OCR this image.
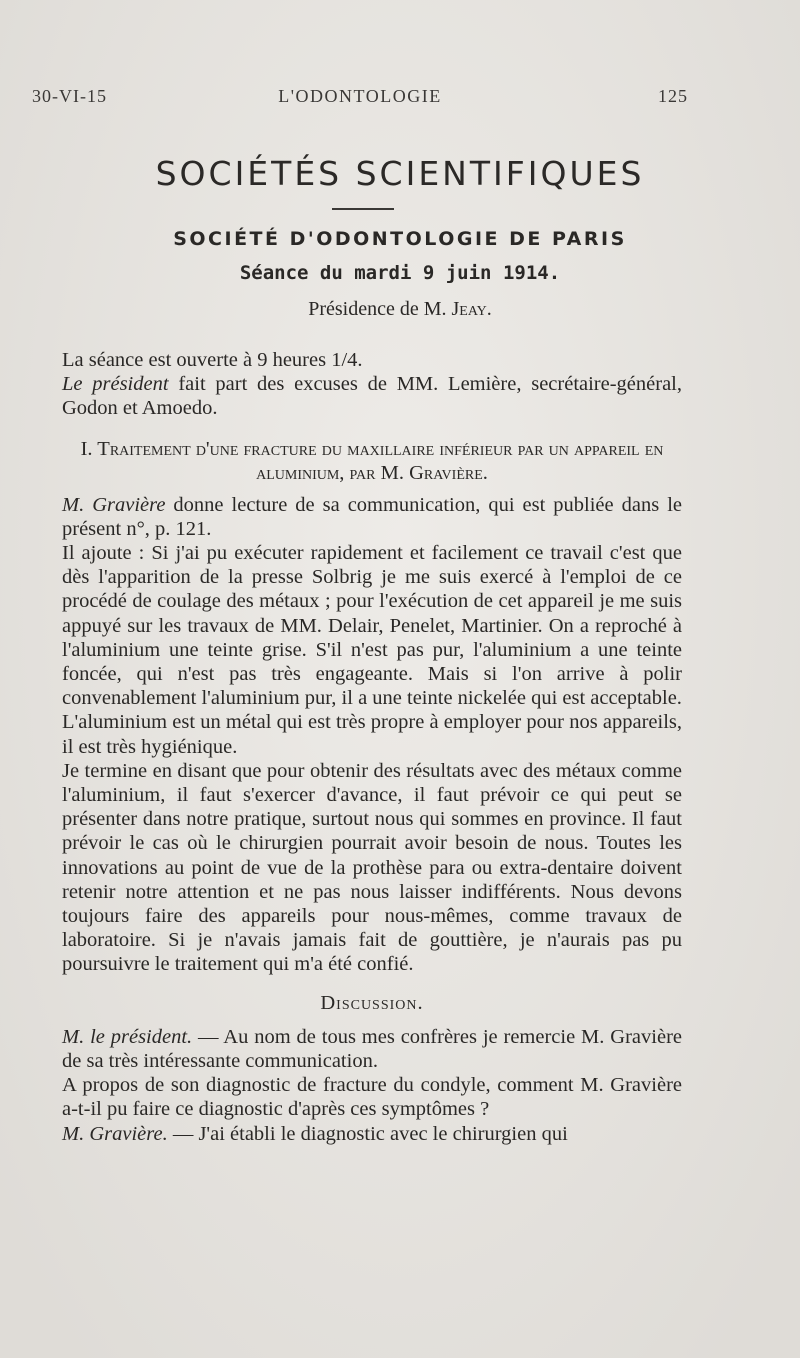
30-VI-15	L'ODONTOLOGIE	125
SOCIÉTÉS SCIENTIFIQUES
SOCIÉTÉ D'ODONTOLOGIE DE PARIS
Séance du mardi 9 juin 1914.
Présidence de M. Jeay.

La séance est ouverte à 9 heures 1/4.

Le président fait part des excuses de MM. Lemière, secrétaire-général, Godon et Amoedo.

I. Traitement d'une fracture du maxillaire inférieur par un appareil en aluminium, par M. Gravière.

M. Gravière donne lecture de sa communication, qui est publiée dans le présent n°, p. 121.

Il ajoute : Si j'ai pu exécuter rapidement et facilement ce travail c'est que dès l'apparition de la presse Solbrig je me suis exercé à l'emploi de ce procédé de coulage des métaux ; pour l'exécution de cet appareil je me suis appuyé sur les travaux de MM. Delair, Penelet, Martinier. On a reproché à l'aluminium une teinte grise. S'il n'est pas pur, l'aluminium a une teinte foncée, qui n'est pas très engageante. Mais si l'on arrive à polir convenablement l'aluminium pur, il a une teinte nickelée qui est acceptable.

L'aluminium est un métal qui est très propre à employer pour nos appareils, il est très hygiénique.

Je termine en disant que pour obtenir des résultats avec des métaux comme l'aluminium, il faut s'exercer d'avance, il faut prévoir ce qui peut se présenter dans notre pratique, surtout nous qui sommes en province. Il faut prévoir le cas où le chirurgien pourrait avoir besoin de nous. Toutes les innovations au point de vue de la prothèse para ou extra-dentaire doivent retenir notre attention et ne pas nous laisser indifférents. Nous devons toujours faire des appareils pour nous-mêmes, comme travaux de laboratoire. Si je n'avais jamais fait de gouttière, je n'aurais pas pu poursuivre le traitement qui m'a été confié.

Discussion.

M. le président. — Au nom de tous mes confrères je remercie M. Gravière de sa très intéressante communication.

A propos de son diagnostic de fracture du condyle, comment M. Gravière a-t-il pu faire ce diagnostic d'après ces symptômes ?

M. Gravière. — J'ai établi le diagnostic avec le chirurgien qui
